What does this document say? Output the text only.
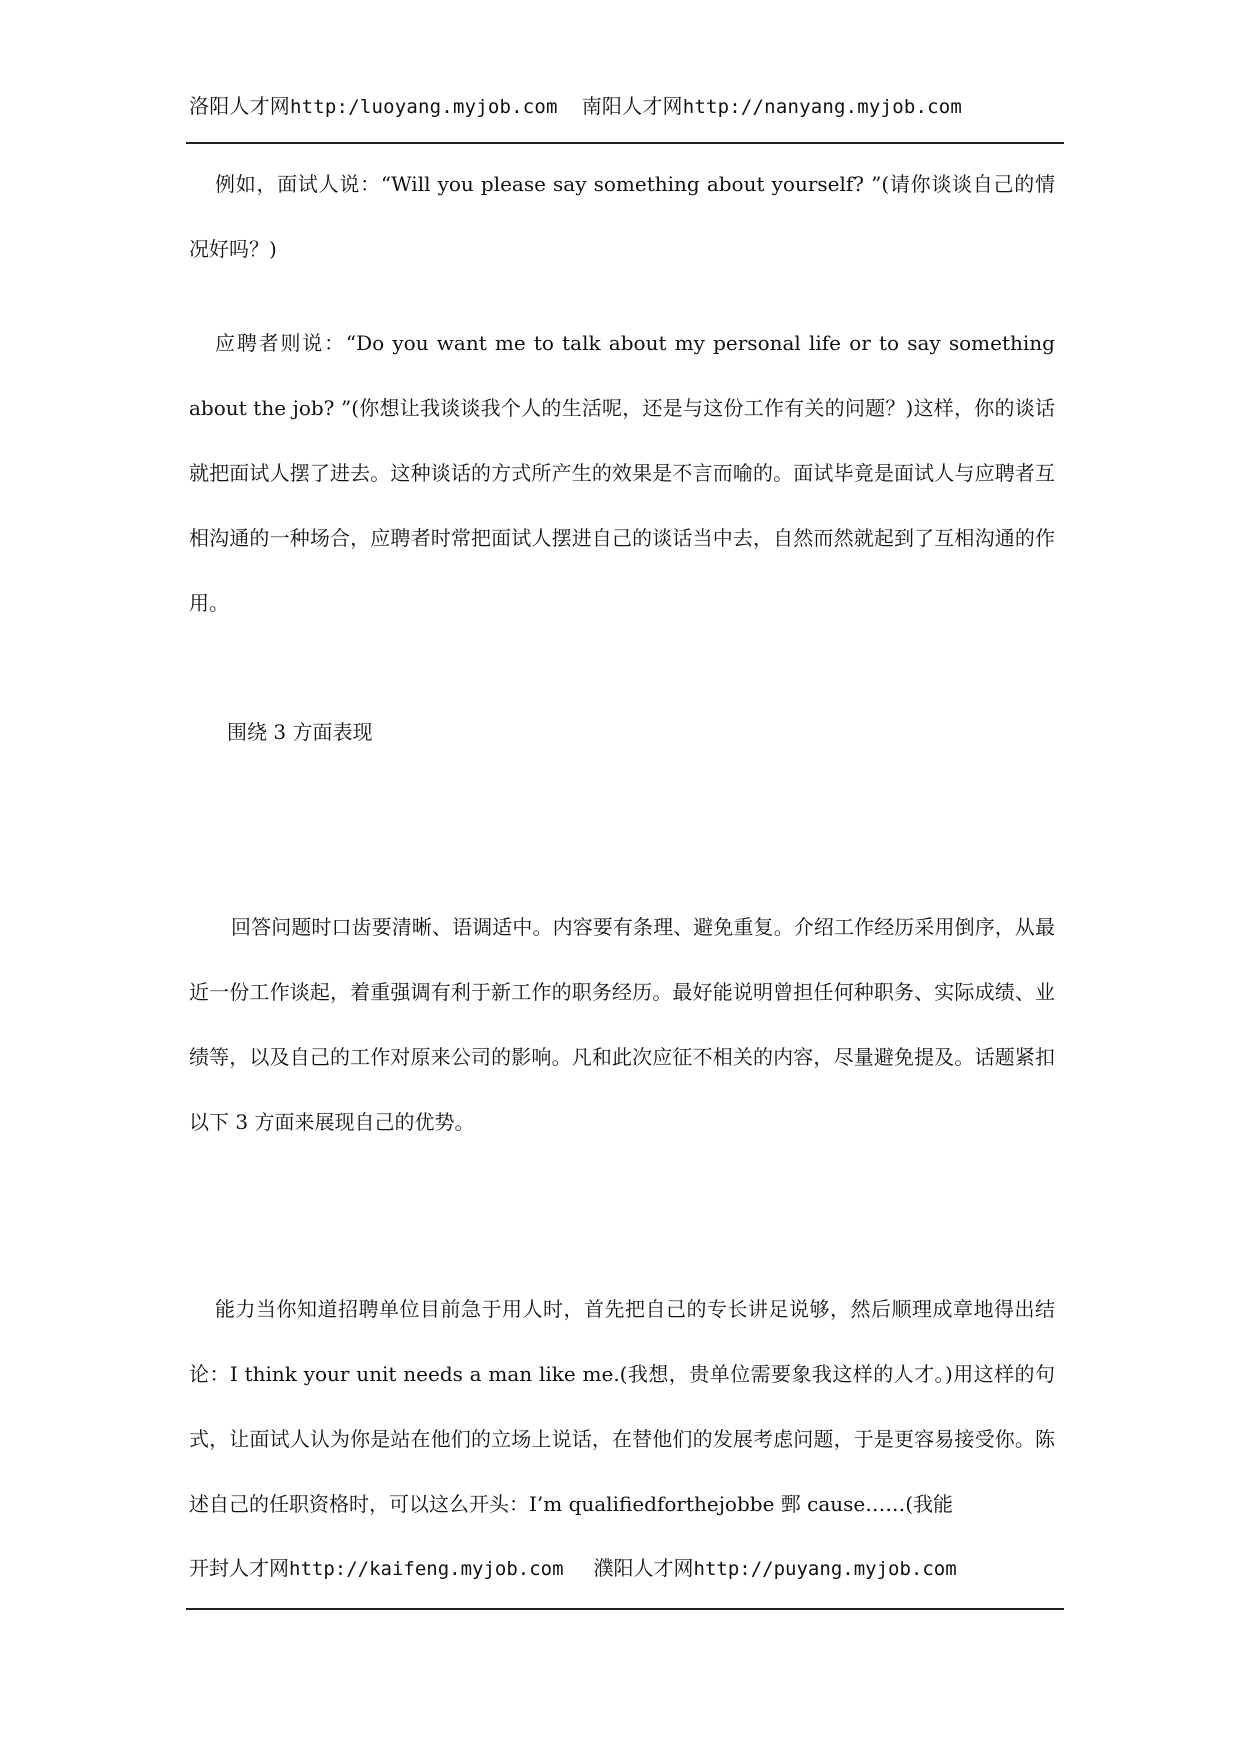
洛阳人才网http:/luoyang.myjob.com 南阳人才网http://nanyang.myjob.com

例如，面试人说：“Will you please say something about yourself? ”(请你谈谈自己的情况好吗？)

应聘者则说：“Do you want me to talk about my personal life or to say something about the job? ”(你想让我谈谈我个人的生活呢，还是与这份工作有关的问题？)这样，你的谈话就把面试人摆了进去。这种谈话的方式所产生的效果是不言而喻的。面试毕竟是面试人与应聘者互相沟通的一种场合，应聘者时常把面试人摆进自己的谈话当中去，自然而然就起到了互相沟通的作用。

围绕 3 方面表现

回答问题时口齿要清晰、语调适中。内容要有条理、避免重复。介绍工作经历采用倒序，从最近一份工作谈起，着重强调有利于新工作的职务经历。最好能说明曾担任何种职务、实际成绩、业绩等，以及自己的工作对原来公司的影响。凡和此次应征不相关的内容，尽量避免提及。话题紧扣以下 3 方面来展现自己的优势。

能力当你知道招聘单位目前急于用人时，首先把自己的专长讲足说够，然后顺理成章地得出结论：I think your unit needs a man like me.(我想，贵单位需要象我这样的人才。)用这样的句式，让面试人认为你是站在他们的立场上说话，在替他们的发展考虑问题，于是更容易接受你。陈述自己的任职资格时，可以这么开头：I’m qualifiedforthejobbe 鄄 cause……(我能

开封人才网http://kaifeng.myjob.com 濮阳人才网http://puyang.myjob.com
